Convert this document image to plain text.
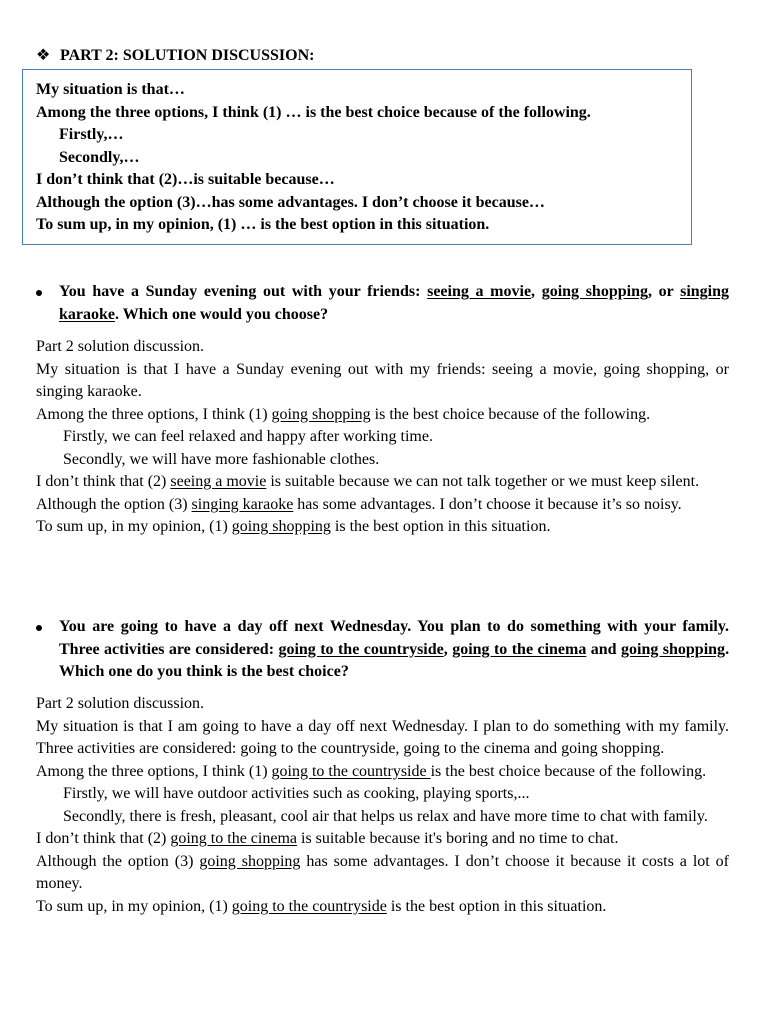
❖ PART 2: SOLUTION DISCUSSION:
My situation is that…
Among the three options, I think (1) … is the best choice because of the following.
Firstly,…
Secondly,…
I don’t think that (2)…is suitable because…
Although the option (3)…has some advantages. I don’t choose it because…
To sum up, in my opinion, (1) … is the best option in this situation.
You have a Sunday evening out with your friends: seeing a movie, going shopping, or singing karaoke. Which one would you choose?

Part 2 solution discussion.

My situation is that I have a Sunday evening out with my friends: seeing a movie, going shopping, or singing karaoke.

Among the three options, I think (1) going shopping is the best choice because of the following.

Firstly, we can feel relaxed and happy after working time.

Secondly, we will have more fashionable clothes.

I don’t think that (2) seeing a movie is suitable because we can not talk together or we must keep silent.

Although the option (3) singing karaoke has some advantages. I don’t choose it because it’s so noisy.

To sum up, in my opinion, (1) going shopping is the best option in this situation.

You are going to have a day off next Wednesday. You plan to do something with your family. Three activities are considered: going to the countryside, going to the cinema and going shopping. Which one do you think is the best choice?

Part 2 solution discussion.

My situation is that I am going to have a day off next Wednesday. I plan to do something with my family. Three activities are considered: going to the countryside, going to the cinema and going shopping.

Among the three options, I think (1) going to the countryside is the best choice because of the following.

Firstly, we will have outdoor activities such as cooking, playing sports,...

Secondly, there is fresh, pleasant, cool air that helps us relax and have more time to chat with family.

I don’t think that (2) going to the cinema is suitable because it's boring and no time to chat.

Although the option (3) going shopping has some advantages. I don’t choose it because it costs a lot of money.

To sum up, in my opinion, (1) going to the countryside is the best option in this situation.
